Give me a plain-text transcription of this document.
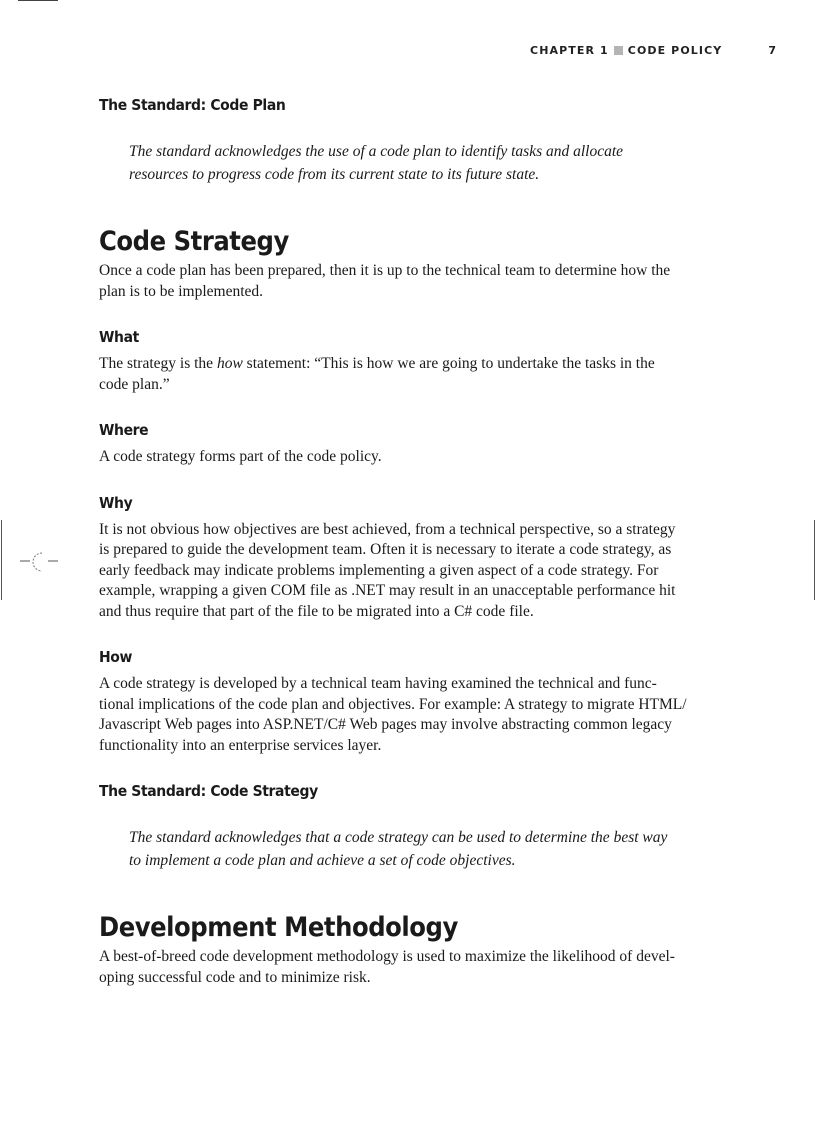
CHAPTER 1 CODE POLICY	7
The Standard: Code Plan

The standard acknowledges the use of a code plan to identify tasks and allocate
resources to progress code from its current state to its future state.

Code Strategy

Once a code plan has been prepared, then it is up to the technical team to determine how the
plan is to be implemented.

What

The strategy is the how statement: “This is how we are going to undertake the tasks in the
code plan.”

Where

A code strategy forms part of the code policy.

Why

It is not obvious how objectives are best achieved, from a technical perspective, so a strategy
is prepared to guide the development team. Often it is necessary to iterate a code strategy, as
early feedback may indicate problems implementing a given aspect of a code strategy. For
example, wrapping a given COM file as .NET may result in an unacceptable performance hit
and thus require that part of the file to be migrated into a C# code file.

How

A code strategy is developed by a technical team having examined the technical and func-
tional implications of the code plan and objectives. For example: A strategy to migrate HTML/
Javascript Web pages into ASP.NET/C# Web pages may involve abstracting common legacy
functionality into an enterprise services layer.

The Standard: Code Strategy

The standard acknowledges that a code strategy can be used to determine the best way
to implement a code plan and achieve a set of code objectives.

Development Methodology

A best-of-breed code development methodology is used to maximize the likelihood of devel-
oping successful code and to minimize risk.
